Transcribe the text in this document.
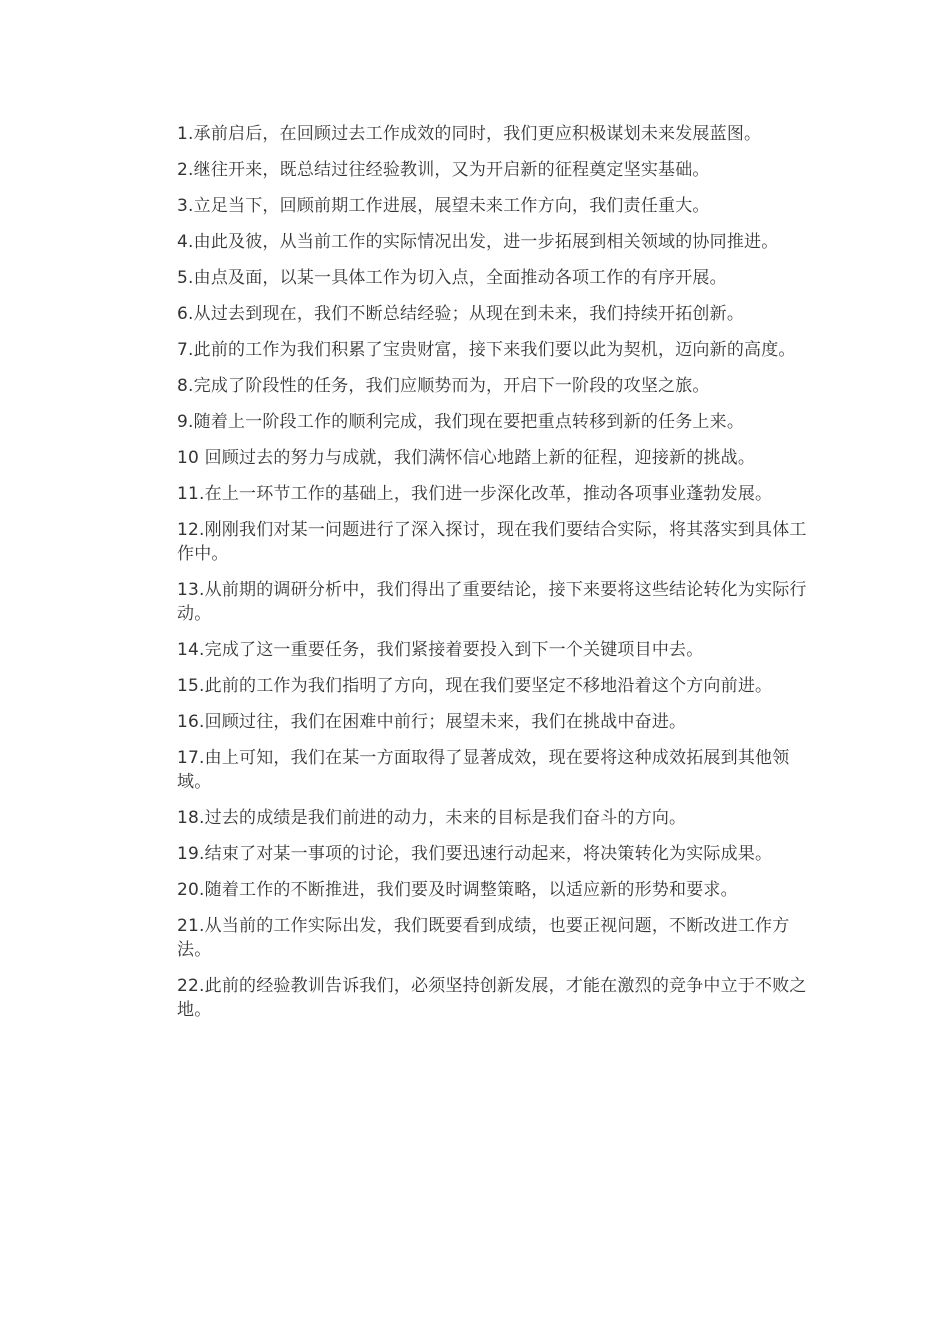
1.承前启后，在回顾过去工作成效的同时，我们更应积极谋划未来发展蓝图。

2.继往开来，既总结过往经验教训，又为开启新的征程奠定坚实基础。

3.立足当下，回顾前期工作进展，展望未来工作方向，我们责任重大。

4.由此及彼，从当前工作的实际情况出发，进一步拓展到相关领域的协同推进。

5.由点及面，以某一具体工作为切入点，全面推动各项工作的有序开展。

6.从过去到现在，我们不断总结经验；从现在到未来，我们持续开拓创新。

7.此前的工作为我们积累了宝贵财富，接下来我们要以此为契机，迈向新的高度。

8.完成了阶段性的任务，我们应顺势而为，开启下一阶段的攻坚之旅。

9.随着上一阶段工作的顺利完成，我们现在要把重点转移到新的任务上来。

10 回顾过去的努力与成就，我们满怀信心地踏上新的征程，迎接新的挑战。

11.在上一环节工作的基础上，我们进一步深化改革，推动各项事业蓬勃发展。

12.刚刚我们对某一问题进行了深入探讨，现在我们要结合实际，将其落实到具体工作中。

13.从前期的调研分析中，我们得出了重要结论，接下来要将这些结论转化为实际行动。

14.完成了这一重要任务，我们紧接着要投入到下一个关键项目中去。

15.此前的工作为我们指明了方向，现在我们要坚定不移地沿着这个方向前进。

16.回顾过往，我们在困难中前行；展望未来，我们在挑战中奋进。

17.由上可知，我们在某一方面取得了显著成效，现在要将这种成效拓展到其他领域。

18.过去的成绩是我们前进的动力，未来的目标是我们奋斗的方向。

19.结束了对某一事项的讨论，我们要迅速行动起来，将决策转化为实际成果。

20.随着工作的不断推进，我们要及时调整策略，以适应新的形势和要求。

21.从当前的工作实际出发，我们既要看到成绩，也要正视问题，不断改进工作方法。

22.此前的经验教训告诉我们，必须坚持创新发展，才能在激烈的竞争中立于不败之地。
